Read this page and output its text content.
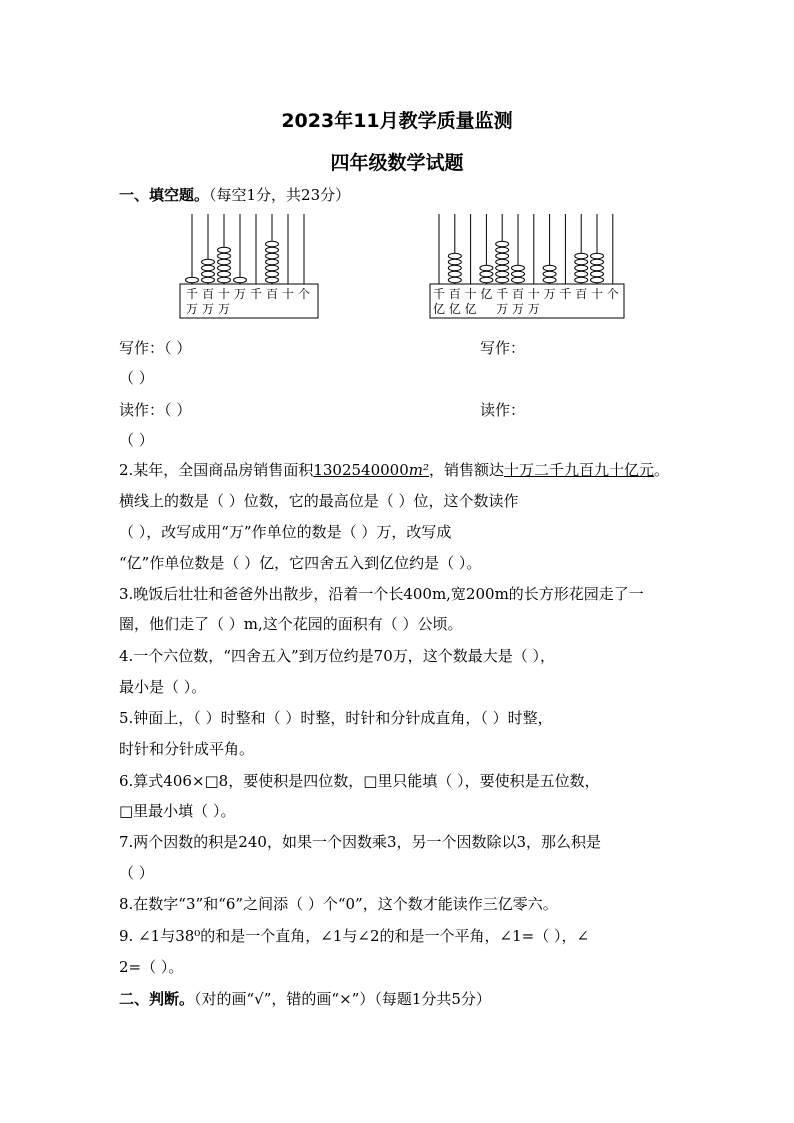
2023年11月教学质量监测
四年级数学试题
一、填空题。（每空1分，共23分）
千
万
百
万
十
万
万 千 百 十 个	千
亿
百
亿
十
亿
亿 千
万
百
万
十
万
万 千 百 十 个
写作：（ ）	写作：
（ ）
读作：（ ）	读作：
（ ）
2.某年，全国商品房销售面积1302540000m²，销售额达十万二千九百九十亿元。
横线上的数是（ ）位数，它的最高位是（ ）位，这个数读作
（ ），改写成用“万”作单位的数是（ ）万，改写成
“亿”作单位数是（ ）亿，它四舍五入到亿位约是（ ）。
3.晚饭后壮壮和爸爸外出散步，沿着一个长400m,宽200m的长方形花园走了一
圈，他们走了（ ）m,这个花园的面积有（ ）公顷。
4.一个六位数，“四舍五入”到万位约是70万，这个数最大是（ ），
最小是（ ）。
5.钟面上，（ ）时整和（ ）时整，时针和分针成直角，（ ）时整，
时针和分针成平角。
6.算式406×□8，要使积是四位数，□里只能填（ ），要使积是五位数，
□里最小填（ ）。
7.两个因数的积是240，如果一个因数乘3，另一个因数除以3，那么积是
（ ）
8.在数字“3”和“6”之间添（ ）个“0”，这个数才能读作三亿零六。
9. ∠1与38⁰的和是一个直角，∠1与∠2的和是一个平角，∠1=（ ），∠
2=（ ）。
二、判断。（对的画“√”，错的画“×”）（每题1分共5分）
